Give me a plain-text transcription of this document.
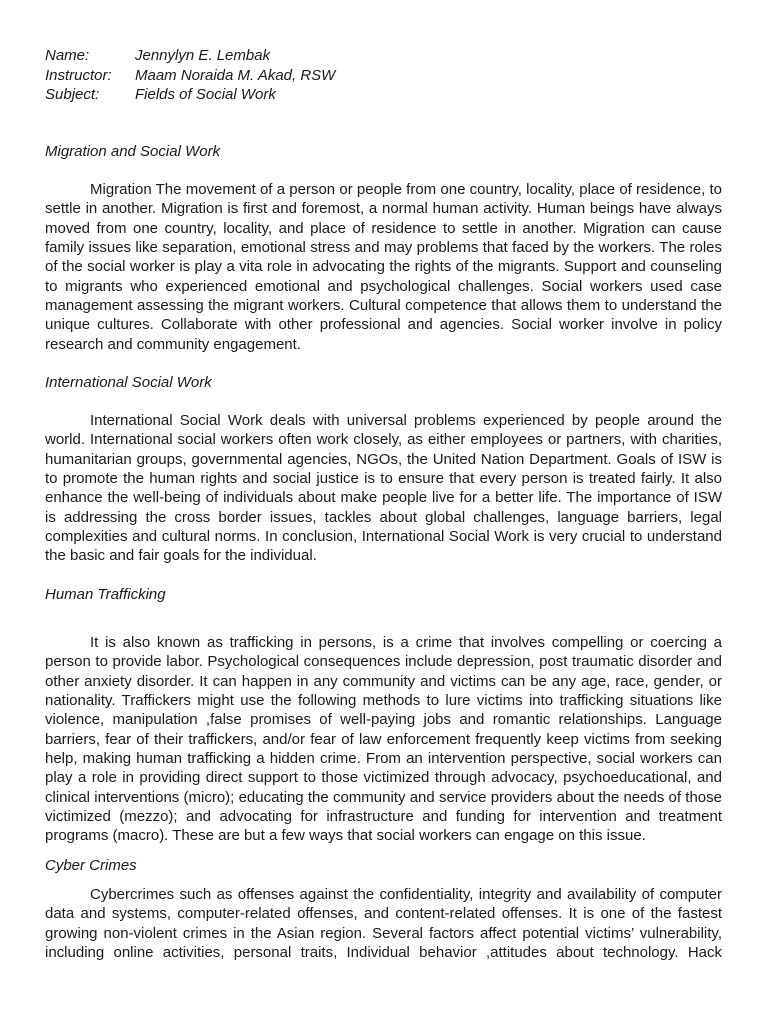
Name:	Jennylyn E. Lembak
Instructor:	Maam Noraida M. Akad, RSW
Subject:	Fields of Social Work
Migration and Social Work

Migration The movement of a person or people from one country, locality, place of residence, to settle in another. Migration is first and foremost, a normal human activity. Human beings have always moved from one country, locality, and place of residence to settle in another. Migration can cause family issues like separation, emotional stress and may problems that faced by the workers. The roles of the social worker is play a vita role in advocating the rights of the migrants. Support and counseling to migrants who experienced emotional and psychological challenges. Social workers used case management assessing the migrant workers. Cultural competence that allows them to understand the unique cultures. Collaborate with other professional and agencies. Social worker involve in policy research and community engagement.

International Social Work

International Social Work deals with universal problems experienced by people around the world. International social workers often work closely, as either employees or partners, with charities, humanitarian groups, governmental agencies, NGOs, the United Nation Department. Goals of ISW is to promote the human rights and social justice is to ensure that every person is treated fairly. It also enhance the well-being of individuals about make people live for a better life. The importance of ISW is addressing the cross border issues, tackles about global challenges, language barriers, legal complexities and cultural norms. In conclusion, International Social Work is very crucial to understand the basic and fair goals for the individual.

Human Trafficking

It is also known as trafficking in persons, is a crime that involves compelling or coercing a person to provide labor. Psychological consequences include depression, post traumatic disorder and other anxiety disorder. It can happen in any community and victims can be any age, race, gender, or nationality. Traffickers might use the following methods to lure victims into trafficking situations like violence, manipulation ,false promises of well-paying jobs and romantic relationships. Language barriers, fear of their traffickers, and/or fear of law enforcement frequently keep victims from seeking help, making human trafficking a hidden crime. From an intervention perspective, social workers can play a role in providing direct support to those victimized through advocacy, psychoeducational, and clinical interventions (micro); educating the community and service providers about the needs of those victimized (mezzo); and advocating for infrastructure and funding for intervention and treatment programs (macro). These are but a few ways that social workers can engage on this issue.

Cyber Crimes

Cybercrimes such as offenses against the confidentiality, integrity and availability of computer data and systems, computer-related offenses, and content-related offenses. It is one of the fastest growing non-violent crimes in the Asian region. Several factors affect potential victims’ vulnerability, including online activities, personal traits, Individual behavior ,attitudes about technology. Hack
